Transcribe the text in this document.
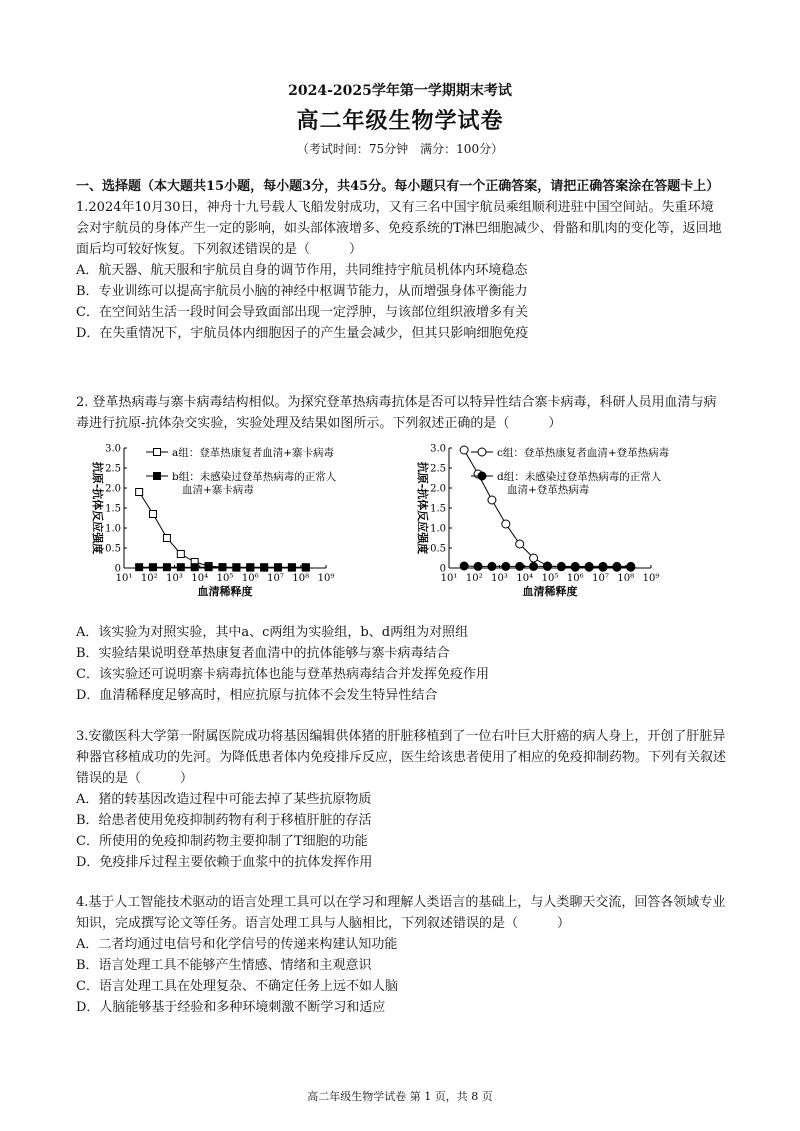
2024-2025学年第一学期期末考试
高二年级生物学试卷
（考试时间：75分钟　满分：100分）

一、选择题（本大题共15小题，每小题3分，共45分。每小题只有一个正确答案，请把正确答案涂在答题卡上）

1.2024年10月30日，神舟十九号载人飞船发射成功，又有三名中国宇航员乘组顺利进驻中国空间站。失重环境会对宇航员的身体产生一定的影响，如头部体液增多、免疫系统的T淋巴细胞减少、骨骼和肌肉的变化等，返回地面后均可较好恢复。下列叙述错误的是（　　　）

A．航天器、航天服和宇航员自身的调节作用，共同维持宇航员机体内环境稳态

B．专业训练可以提高宇航员小脑的神经中枢调节能力，从而增强身体平衡能力

C．在空间站生活一段时间会导致面部出现一定浮肿，与该部位组织液增多有关

D．在失重情况下，宇航员体内细胞因子的产生量会减少，但其只影响细胞免疫

2. 登革热病毒与寨卡病毒结构相似。为探究登革热病毒抗体是否可以特异性结合寨卡病毒，科研人员用血清与病毒进行抗原-抗体杂交实验，实验处理及结果如图所示。下列叙述正确的是（　　　）

0
0.5
1.0
1.5
2.0
2.5
3.0
10¹ 10² 10³ 10⁴ 10⁵ 10⁶ 10⁷ 10⁸ 10⁹
血清稀释度
抗原-抗体反应强度
a组：登革热康复者血清+寨卡病毒
b组：未感染过登革热病毒的正常人血清+寨卡病毒
0
0.5
1.0
1.5
2.0
2.5
3.0
10¹ 10² 10³ 10⁴ 10⁵ 10⁶ 10⁷ 10⁸ 10⁹
血清稀释度
抗原-抗体反应强度
c组：登革热康复者血清+登革热病毒
d组：未感染过登革热病毒的正常人血清+登革热病毒

A．该实验为对照实验，其中a、c两组为实验组，b、d两组为对照组

B．实验结果说明登革热康复者血清中的抗体能够与寨卡病毒结合

C．该实验还可说明寨卡病毒抗体也能与登革热病毒结合并发挥免疫作用

D．血清稀释度足够高时，相应抗原与抗体不会发生特异性结合

3.安徽医科大学第一附属医院成功将基因编辑供体猪的肝脏移植到了一位右叶巨大肝癌的病人身上，开创了肝脏异种器官移植成功的先河。为降低患者体内免疫排斥反应，医生给该患者使用了相应的免疫抑制药物。下列有关叙述错误的是（　　　）

A．猪的转基因改造过程中可能去掉了某些抗原物质

B．给患者使用免疫抑制药物有利于移植肝脏的存活

C．所使用的免疫抑制药物主要抑制了T细胞的功能

D．免疫排斥过程主要依赖于血浆中的抗体发挥作用

4.基于人工智能技术驱动的语言处理工具可以在学习和理解人类语言的基础上，与人类聊天交流，回答各领域专业知识，完成撰写论文等任务。语言处理工具与人脑相比，下列叙述错误的是（　　　）

A．二者均通过电信号和化学信号的传递来构建认知功能

B．语言处理工具不能够产生情感、情绪和主观意识

C．语言处理工具在处理复杂、不确定任务上远不如人脑

D．人脑能够基于经验和多种环境刺激不断学习和适应

高二年级生物学试卷 第 1 页，共 8 页
